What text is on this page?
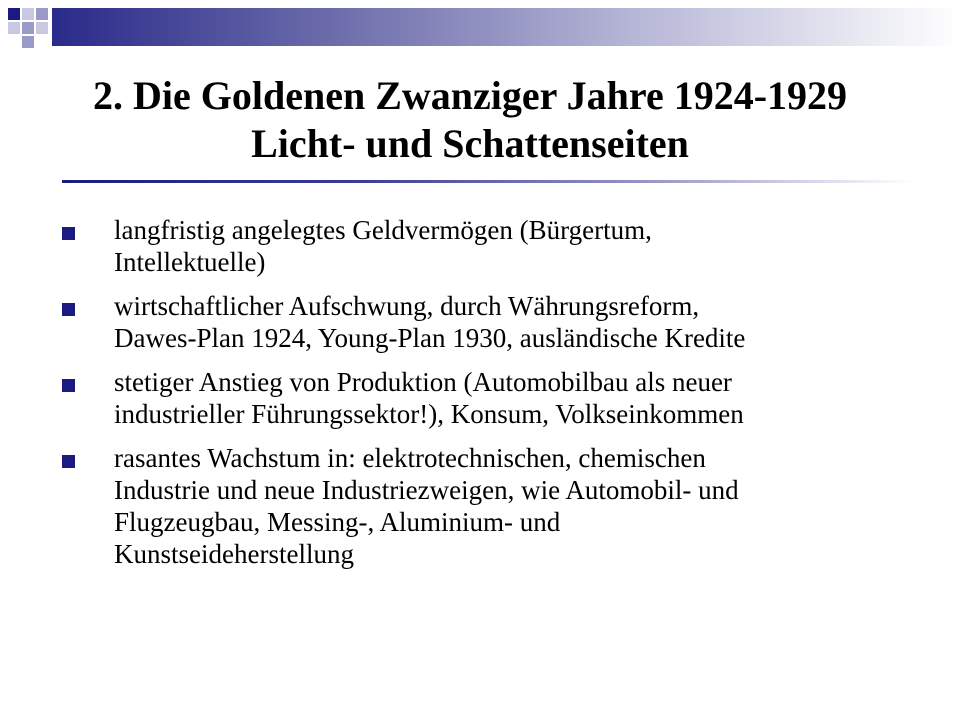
2. Die Goldenen Zwanziger Jahre 1924-1929
Licht- und Schattenseiten
langfristig angelegtes Geldvermögen (Bürgertum,
Intellektuelle)
wirtschaftlicher Aufschwung, durch Währungsreform,
Dawes-Plan 1924, Young-Plan 1930, ausländische Kredite
stetiger Anstieg von Produktion (Automobilbau als neuer
industrieller Führungssektor!), Konsum, Volkseinkommen
rasantes Wachstum in: elektrotechnischen, chemischen
Industrie und neue Industriezweigen, wie Automobil- und
Flugzeugbau, Messing-, Aluminium- und
Kunstseideherstellung
